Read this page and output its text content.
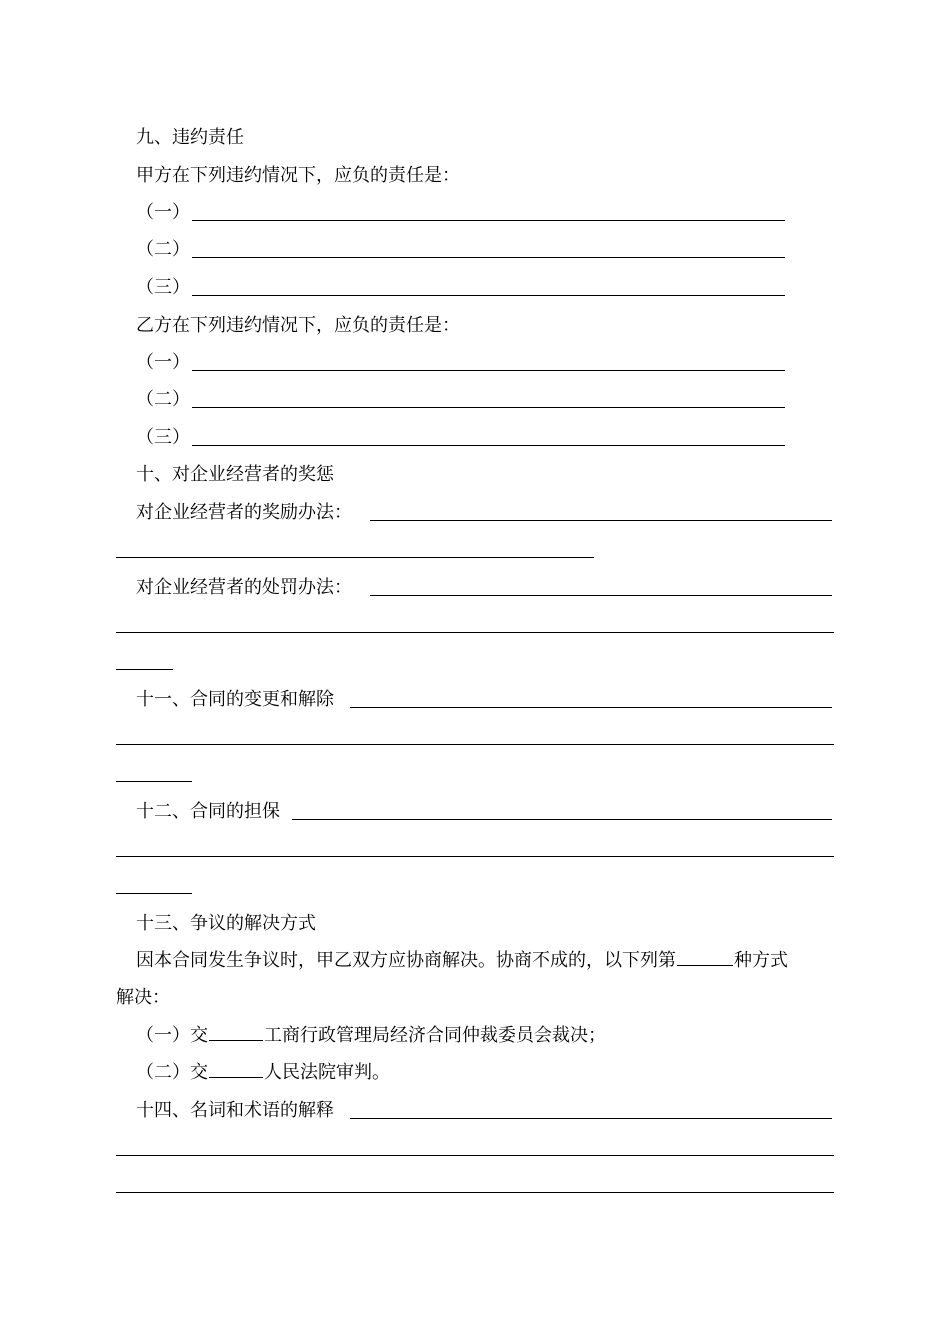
九、违约责任
甲方在下列违约情况下，应负的责任是：
（一）
（二）
（三）
乙方在下列违约情况下，应负的责任是：
（一）
（二）
（三）
十、对企业经营者的奖惩
对企业经营者的奖励办法：
对企业经营者的处罚办法：
十一、合同的变更和解除
十二、合同的担保
十三、争议的解决方式
因本合同发生争议时，甲乙双方应协商解决。协商不成的，以下列第	种方式
解决：
（一）交	工商行政管理局经济合同仲裁委员会裁决；
（二）交	人民法院审判。
十四、名词和术语的解释
